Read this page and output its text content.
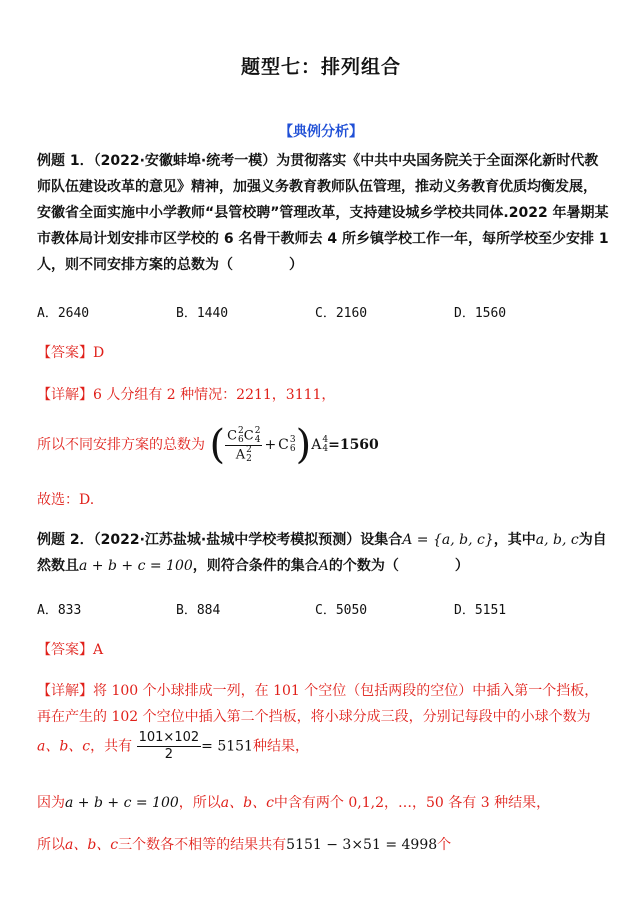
题型七：排列组合
【典例分析】
例题 1．（2022·安徽蚌埠·统考一模）为贯彻落实《中共中央国务院关于全面深化新时代教师队伍建设改革的意见》精神，加强义务教育教师队伍管理，推动义务教育优质均衡发展，安徽省全面实施中小学教师“县管校聘”管理改革，支持建设城乡学校共同体.2022 年暑期某市教体局计划安排市区学校的 6 名骨干教师去 4 所乡镇学校工作一年，每所学校至少安排 1 人，则不同安排方案的总数为（	）
A．2640	B．1440	C．2160	D．1560
【答案】D
【详解】6 人分组有 2 种情况：2211，3111，
所以不同安排方案的总数为 ( C 2
6 C 2
4
A 2
2 + C 3
6 ) A 4
4 =1560
故选：D.
例题 2．（2022·江苏盐城·盐城中学校考模拟预测）设集合A = {a, b, c}，其中a, b, c为自然数且a + b + c = 100，则符合条件的集合A的个数为（	）
A．833	B．884	C．5050	D．5151
【答案】A
【详解】将 100 个小球排成一列，在 101 个空位（包括两段的空位）中插入第一个挡板，再在产生的 102 个空位中插入第二个挡板，将小球分成三段，分别记每段中的小球个数为a、b、c，共有 $\frac{101\times 102}{2} = 5151$种结果，
因为a + b + c = 100，所以a、b、c中含有两个 0,1,2，…，50 各有 3 种结果，
所以a、b、c三个数各不相等的结果共有5151 − 3×51 = 4998个
